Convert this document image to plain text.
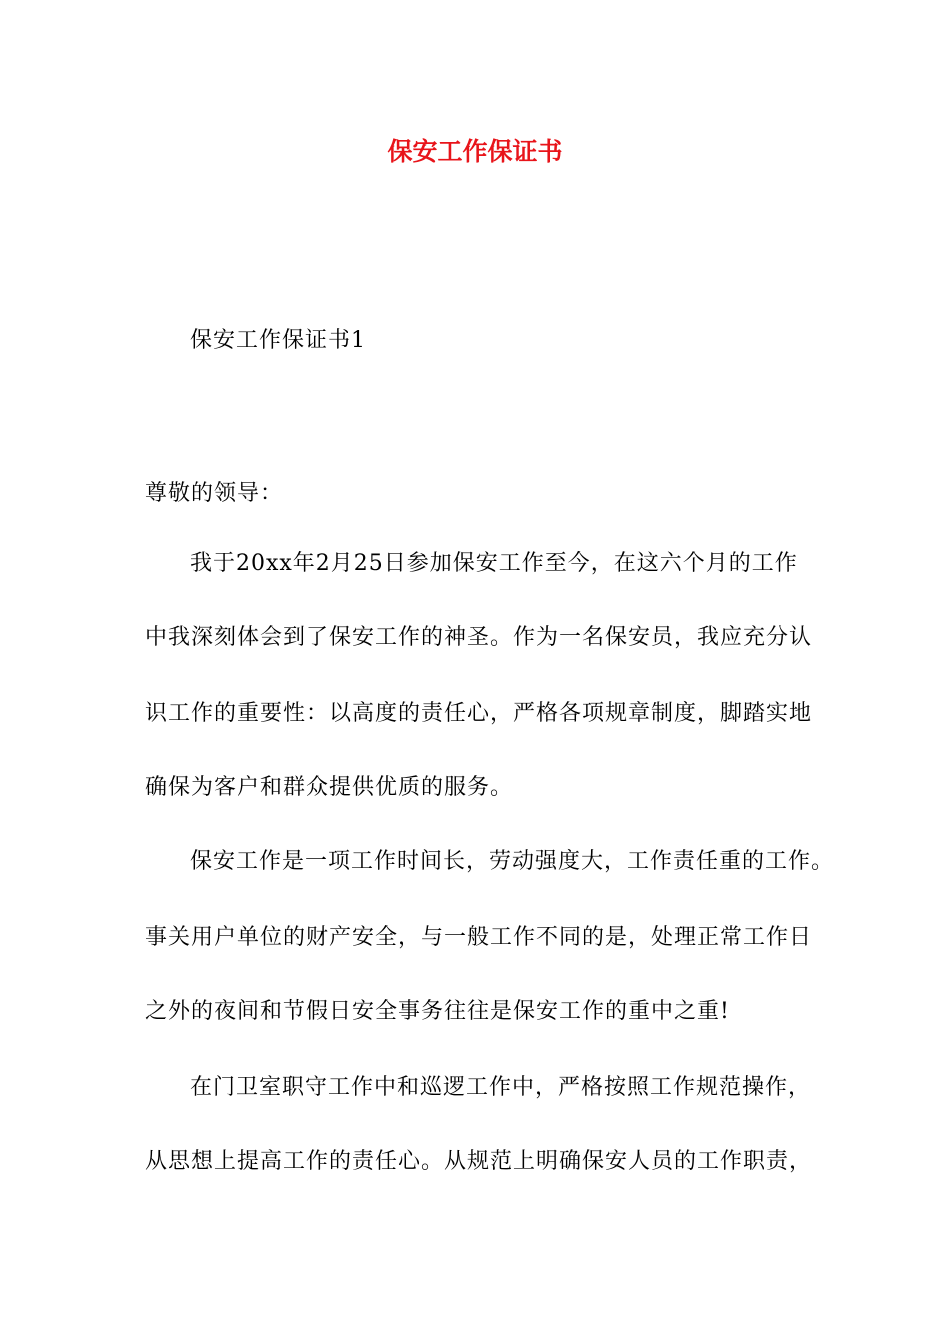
保安工作保证书
保安工作保证书1
尊敬的领导：
我于20xx年2月25日参加保安工作至今，在这六个月的工作
中我深刻体会到了保安工作的神圣。作为一名保安员，我应充分认
识工作的重要性：以高度的责任心，严格各项规章制度，脚踏实地
确保为客户和群众提供优质的服务。
保安工作是一项工作时间长，劳动强度大，工作责任重的工作。
事关用户单位的财产安全，与一般工作不同的是，处理正常工作日
之外的夜间和节假日安全事务往往是保安工作的重中之重!
在门卫室职守工作中和巡逻工作中，严格按照工作规范操作，
从思想上提高工作的责任心。从规范上明确保安人员的工作职责，
